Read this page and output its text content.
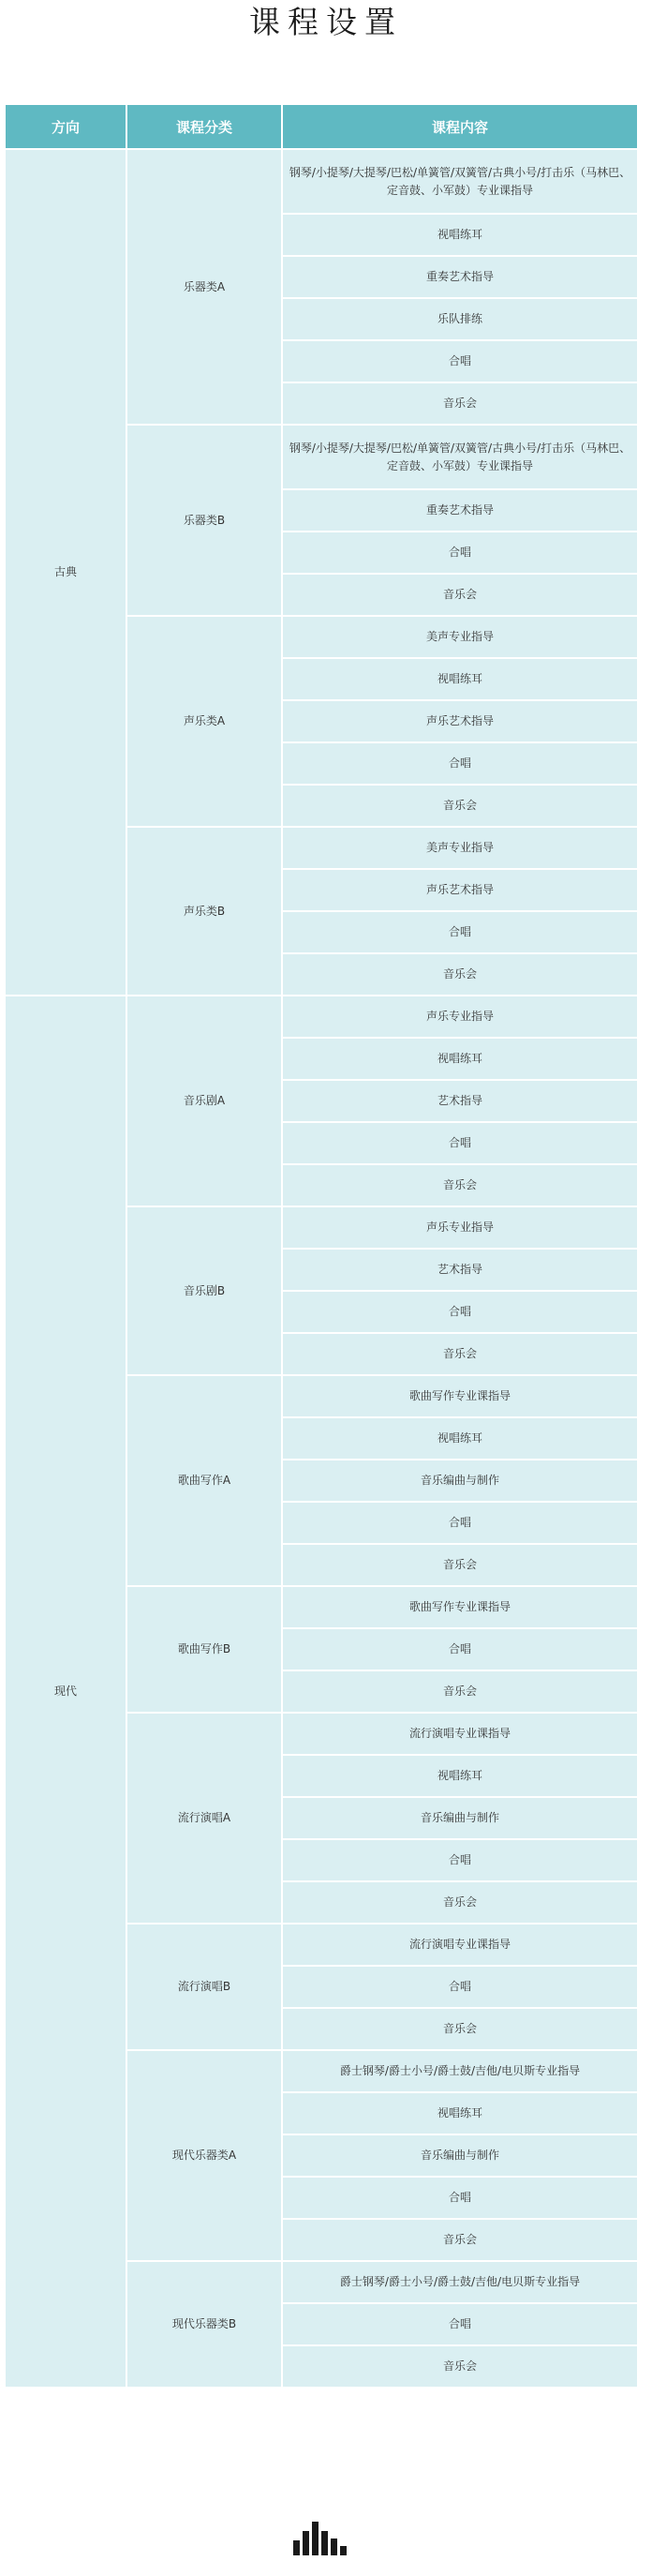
课程设置
方向	课程分类	课程内容
古典	乐器类A	钢琴/小提琴/大提琴/巴松/单簧管/双簧管/古典小号/打击乐（马林巴、定音鼓、小军鼓）专业课指导
		视唱练耳
		重奏艺术指导
		乐队排练
		合唱
		音乐会
	乐器类B	钢琴/小提琴/大提琴/巴松/单簧管/双簧管/古典小号/打击乐（马林巴、定音鼓、小军鼓）专业课指导
		重奏艺术指导
		合唱
		音乐会
	声乐类A	美声专业指导
		视唱练耳
		声乐艺术指导
		合唱
		音乐会
	声乐类B	美声专业指导
		声乐艺术指导
		合唱
		音乐会
现代	音乐剧A	声乐专业指导
		视唱练耳
		艺术指导
		合唱
		音乐会
	音乐剧B	声乐专业指导
		艺术指导
		合唱
		音乐会
	歌曲写作A	歌曲写作专业课指导
		视唱练耳
		音乐编曲与制作
		合唱
		音乐会
	歌曲写作B	歌曲写作专业课指导
		合唱
		音乐会
	流行演唱A	流行演唱专业课指导
		视唱练耳
		音乐编曲与制作
		合唱
		音乐会
	流行演唱B	流行演唱专业课指导
		合唱
		音乐会
	现代乐器类A	爵士钢琴/爵士小号/爵士鼓/吉他/电贝斯专业指导
		视唱练耳
		音乐编曲与制作
		合唱
		音乐会
	现代乐器类B	爵士钢琴/爵士小号/爵士鼓/吉他/电贝斯专业指导
		合唱
		音乐会
